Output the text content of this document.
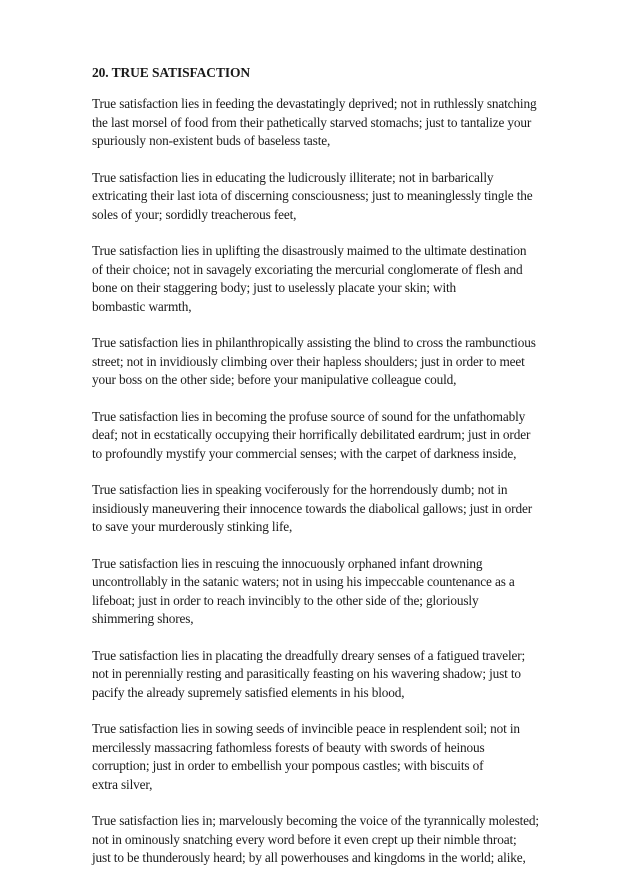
20. TRUE SATISFACTION
True satisfaction lies in feeding the devastatingly deprived; not in ruthlessly snatching
the last morsel of food from their pathetically starved stomachs; just to tantalize your
spuriously non-existent buds of baseless taste,
True satisfaction lies in educating the ludicrously illiterate; not in barbarically
extricating their last iota of discerning consciousness; just to meaninglessly tingle the
soles of your; sordidly treacherous feet,
True satisfaction lies in uplifting the disastrously maimed to the ultimate destination
of their choice; not in savagely excoriating the mercurial conglomerate of flesh and
bone on their staggering body; just to uselessly placate your skin; with
bombastic warmth,
True satisfaction lies in philanthropically assisting the blind to cross the rambunctious
street; not in invidiously climbing over their hapless shoulders; just in order to meet
your boss on the other side; before your manipulative colleague could,
True satisfaction lies in becoming the profuse source of sound for the unfathomably
deaf; not in ecstatically occupying their horrifically debilitated eardrum; just in order
to profoundly mystify your commercial senses; with the carpet of darkness inside,
True satisfaction lies in speaking vociferously for the horrendously dumb; not in
insidiously maneuvering their innocence towards the diabolical gallows; just in order
to save your murderously stinking life,
True satisfaction lies in rescuing the innocuously orphaned infant drowning
uncontrollably in the satanic waters; not in using his impeccable countenance as a
lifeboat; just in order to reach invincibly to the other side of the; gloriously
shimmering shores,
True satisfaction lies in placating the dreadfully dreary senses of a fatigued traveler;
not in perennially resting and parasitically feasting on his wavering shadow; just to
pacify the already supremely satisfied elements in his blood,
True satisfaction lies in sowing seeds of invincible peace in resplendent soil; not in
mercilessly massacring fathomless forests of beauty with swords of heinous
corruption; just in order to embellish your pompous castles; with biscuits of
extra silver,
True satisfaction lies in; marvelously becoming the voice of the tyrannically molested;
not in ominously snatching every word before it even crept up their nimble throat;
just to be thunderously heard; by all powerhouses and kingdoms in the world; alike,
